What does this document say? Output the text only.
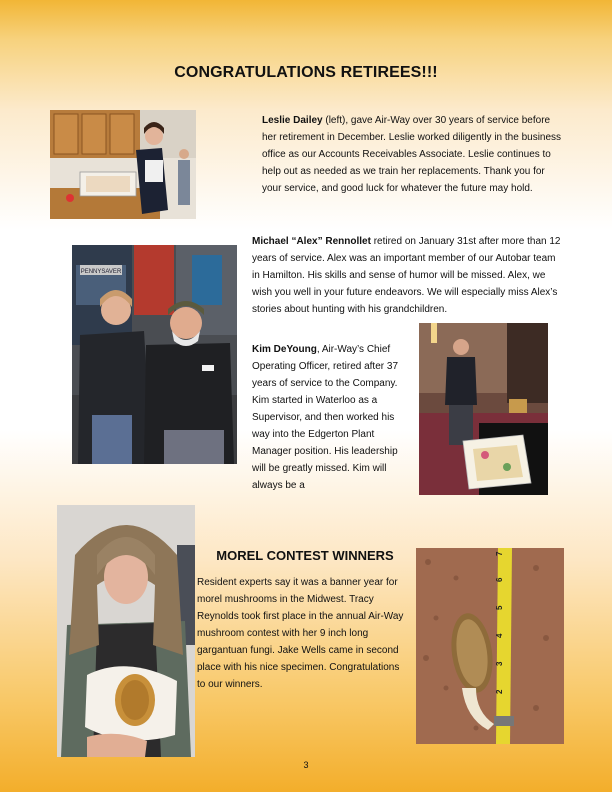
CONGRATULATIONS RETIREES!!!
Leslie Dailey (left), gave Air-Way over 30 years of service before her retirement in December. Leslie worked diligently in the business office as our Accounts Receivables Associate. Leslie continues to help out as needed as we train her replacements. Thank you for your service, and good luck for whatever the future may hold.
PENNYSAVER
Michael “Alex” Rennollet retired on January 31st after more than 12 years of service. Alex was an important member of our Autobar team in Hamilton. His skills and sense of humor will be missed. Alex, we wish you well in your future endeavors. We will especially miss Alex’s stories about hunting with his grandchildren.
Kim DeYoung, Air-Way’s Chief Operating Officer, retired after 37 years of service to the Company. Kim started in Waterloo as a Supervisor, and then worked his way into the Edgerton Plant Manager position. His leadership will be greatly missed. Kim will always be a
MOREL CONTEST WINNERS
Resident experts say it was a banner year for morel mushrooms in the Midwest. Tracy Reynolds took first place in the annual Air-Way mushroom contest with her 9 inch long gargantuan fungi. Jake Wells came in second place with his nice specimen. Congratulations to our winners.
2
3
4
5
6
7
3
